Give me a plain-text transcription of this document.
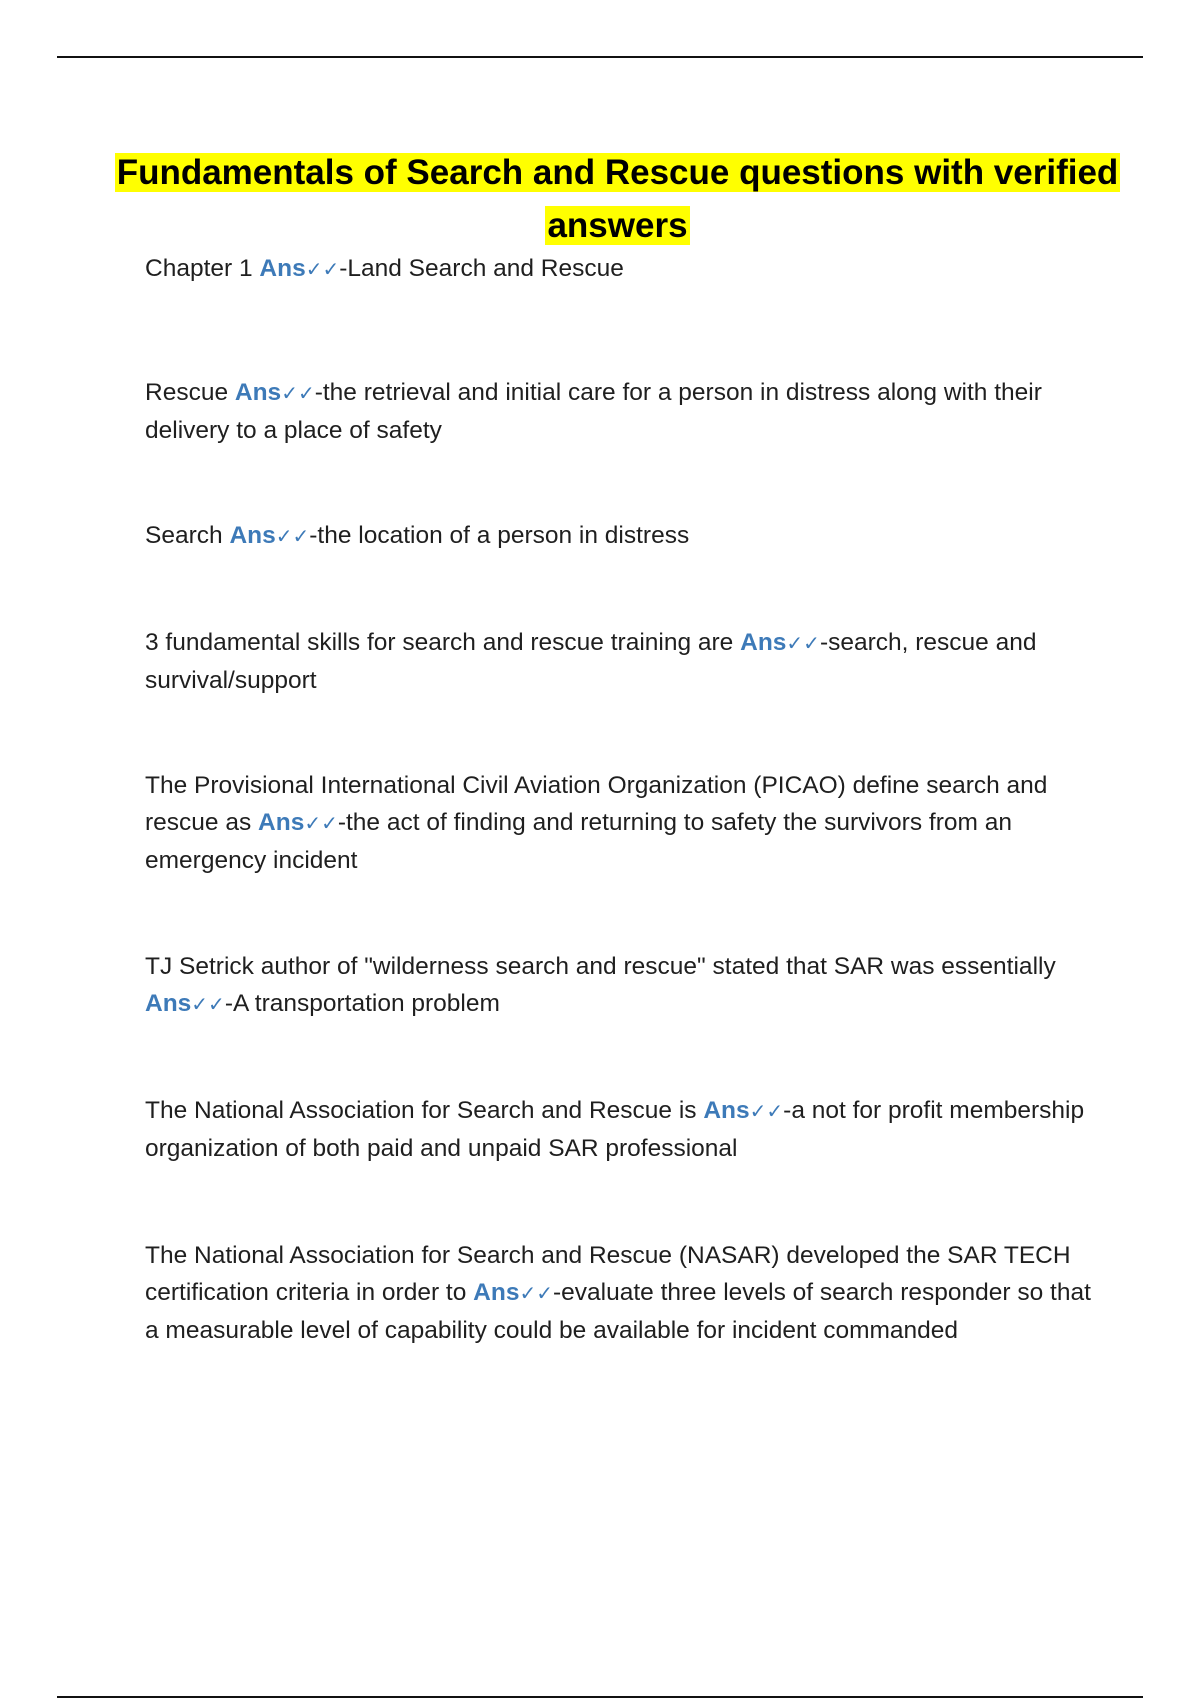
Fundamentals of Search and Rescue questions with verified answers
Chapter 1 Ans✓✓-Land Search and Rescue
Rescue Ans✓✓-the retrieval and initial care for a person in distress along with their delivery to a place of safety
Search Ans✓✓-the location of a person in distress
3 fundamental skills for search and rescue training are Ans✓✓-search, rescue and survival/support
The Provisional International Civil Aviation Organization (PICAO) define search and rescue as Ans✓✓-the act of finding and returning to safety the survivors from an emergency incident
TJ Setrick author of "wilderness search and rescue" stated that SAR was essentially Ans✓✓-A transportation problem
The National Association for Search and Rescue is Ans✓✓-a not for profit membership organization of both paid and unpaid SAR professional
The National Association for Search and Rescue (NASAR) developed the SAR TECH certification criteria in order to Ans✓✓-evaluate three levels of search responder so that a measurable level of capability could be available for incident commanded
